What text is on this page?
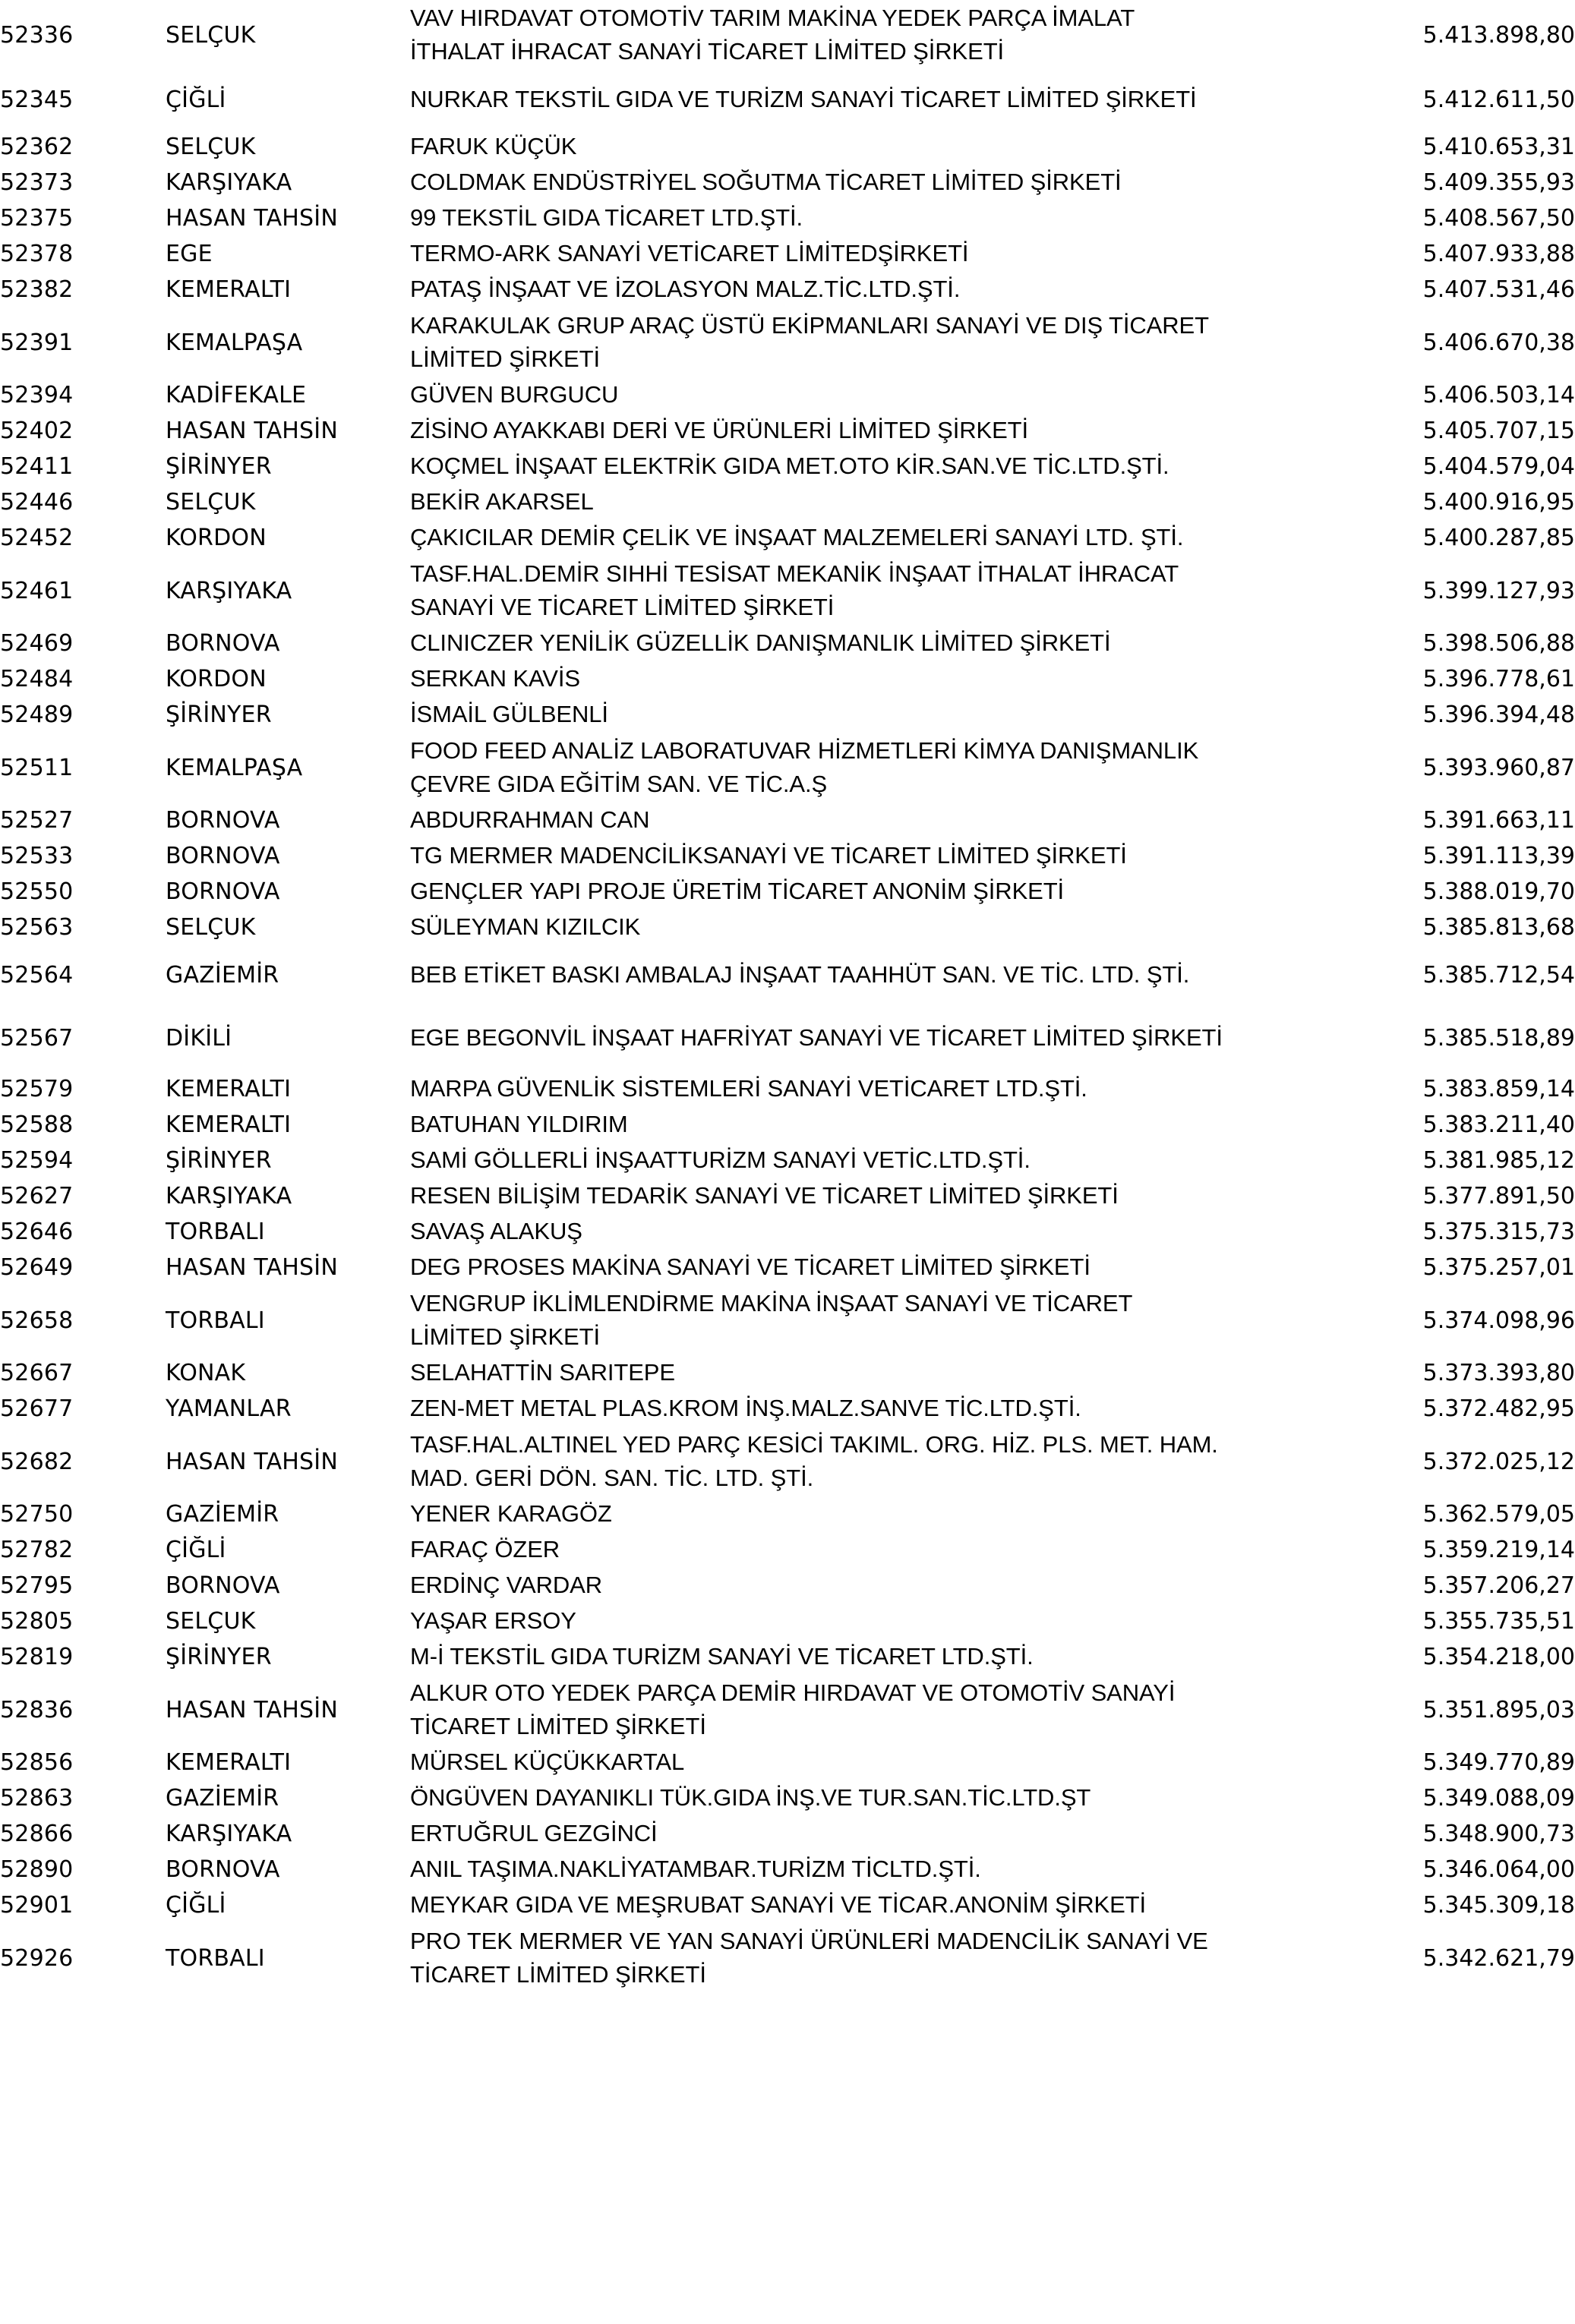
52336	SELÇUK	VAV HIRDAVAT OTOMOTİV TARIM MAKİNA YEDEK PARÇA İMALAT
İTHALAT İHRACAT SANAYİ TİCARET LİMİTED ŞİRKETİ	5.413.898,80
52345	ÇİĞLİ	NURKAR TEKSTİL GIDA VE TURİZM SANAYİ TİCARET LİMİTED ŞİRKETİ	5.412.611,50
52362	SELÇUK	FARUK KÜÇÜK	5.410.653,31
52373	KARŞIYAKA	COLDMAK ENDÜSTRİYEL SOĞUTMA TİCARET LİMİTED ŞİRKETİ	5.409.355,93
52375	HASAN TAHSİN	99 TEKSTİL GIDA TİCARET LTD.ŞTİ.	5.408.567,50
52378	EGE	TERMO-ARK SANAYİ VETİCARET LİMİTEDŞİRKETİ	5.407.933,88
52382	KEMERALTI	PATAŞ İNŞAAT VE İZOLASYON MALZ.TİC.LTD.ŞTİ.	5.407.531,46
52391	KEMALPAŞA	KARAKULAK GRUP ARAÇ ÜSTÜ EKİPMANLARI SANAYİ VE DIŞ TİCARET
LİMİTED ŞİRKETİ	5.406.670,38
52394	KADİFEKALE	GÜVEN BURGUCU	5.406.503,14
52402	HASAN TAHSİN	ZİSİNO AYAKKABI DERİ VE ÜRÜNLERİ LİMİTED ŞİRKETİ	5.405.707,15
52411	ŞİRİNYER	KOÇMEL İNŞAAT ELEKTRİK GIDA MET.OTO KİR.SAN.VE TİC.LTD.ŞTİ.	5.404.579,04
52446	SELÇUK	BEKİR AKARSEL	5.400.916,95
52452	KORDON	ÇAKICILAR DEMİR ÇELİK VE İNŞAAT MALZEMELERİ SANAYİ LTD. ŞTİ.	5.400.287,85
52461	KARŞIYAKA	TASF.HAL.DEMİR SIHHİ TESİSAT MEKANİK İNŞAAT İTHALAT İHRACAT
SANAYİ VE TİCARET LİMİTED ŞİRKETİ	5.399.127,93
52469	BORNOVA	CLINICZER YENİLİK GÜZELLİK DANIŞMANLIK LİMİTED ŞİRKETİ	5.398.506,88
52484	KORDON	SERKAN KAVİS	5.396.778,61
52489	ŞİRİNYER	İSMAİL GÜLBENLİ	5.396.394,48
52511	KEMALPAŞA	FOOD FEED ANALİZ LABORATUVAR HİZMETLERİ KİMYA DANIŞMANLIK
ÇEVRE GIDA EĞİTİM SAN. VE TİC.A.Ş	5.393.960,87
52527	BORNOVA	ABDURRAHMAN CAN	5.391.663,11
52533	BORNOVA	TG MERMER MADENCİLİKSANAYİ VE TİCARET LİMİTED ŞİRKETİ	5.391.113,39
52550	BORNOVA	GENÇLER YAPI PROJE ÜRETİM TİCARET ANONİM ŞİRKETİ	5.388.019,70
52563	SELÇUK	SÜLEYMAN KIZILCIK	5.385.813,68
52564	GAZİEMİR	BEB ETİKET BASKI AMBALAJ İNŞAAT TAAHHÜT SAN. VE TİC. LTD. ŞTİ.	5.385.712,54
52567	DİKİLİ	EGE BEGONVİL İNŞAAT HAFRİYAT SANAYİ VE TİCARET LİMİTED ŞİRKETİ	5.385.518,89
52579	KEMERALTI	MARPA GÜVENLİK SİSTEMLERİ SANAYİ VETİCARET LTD.ŞTİ.	5.383.859,14
52588	KEMERALTI	BATUHAN YILDIRIM	5.383.211,40
52594	ŞİRİNYER	SAMİ GÖLLERLİ İNŞAATTURİZM SANAYİ VETİC.LTD.ŞTİ.	5.381.985,12
52627	KARŞIYAKA	RESEN BİLİŞİM TEDARİK SANAYİ VE TİCARET LİMİTED ŞİRKETİ	5.377.891,50
52646	TORBALI	SAVAŞ ALAKUŞ	5.375.315,73
52649	HASAN TAHSİN	DEG PROSES MAKİNA SANAYİ VE TİCARET LİMİTED ŞİRKETİ	5.375.257,01
52658	TORBALI	VENGRUP İKLİMLENDİRME MAKİNA İNŞAAT SANAYİ VE TİCARET
LİMİTED ŞİRKETİ	5.374.098,96
52667	KONAK	SELAHATTİN SARITEPE	5.373.393,80
52677	YAMANLAR	ZEN-MET METAL PLAS.KROM İNŞ.MALZ.SANVE TİC.LTD.ŞTİ.	5.372.482,95
52682	HASAN TAHSİN	TASF.HAL.ALTINEL YED PARÇ KESİCİ TAKIML. ORG. HİZ. PLS. MET. HAM.
MAD. GERİ DÖN. SAN. TİC. LTD. ŞTİ.	5.372.025,12
52750	GAZİEMİR	YENER KARAGÖZ	5.362.579,05
52782	ÇİĞLİ	FARAÇ ÖZER	5.359.219,14
52795	BORNOVA	ERDİNÇ VARDAR	5.357.206,27
52805	SELÇUK	YAŞAR ERSOY	5.355.735,51
52819	ŞİRİNYER	M-İ TEKSTİL GIDA TURİZM SANAYİ VE TİCARET LTD.ŞTİ.	5.354.218,00
52836	HASAN TAHSİN	ALKUR OTO YEDEK PARÇA DEMİR HIRDAVAT VE OTOMOTİV SANAYİ
TİCARET LİMİTED ŞİRKETİ	5.351.895,03
52856	KEMERALTI	MÜRSEL KÜÇÜKKARTAL	5.349.770,89
52863	GAZİEMİR	ÖNGÜVEN DAYANIKLI TÜK.GIDA İNŞ.VE TUR.SAN.TİC.LTD.ŞT	5.349.088,09
52866	KARŞIYAKA	ERTUĞRUL GEZGİNCİ	5.348.900,73
52890	BORNOVA	ANIL TAŞIMA.NAKLİYATAMBAR.TURİZM TİCLTD.ŞTİ.	5.346.064,00
52901	ÇİĞLİ	MEYKAR GIDA VE MEŞRUBAT SANAYİ VE TİCAR.ANONİM ŞİRKETİ	5.345.309,18
52926	TORBALI	PRO TEK MERMER VE YAN SANAYİ ÜRÜNLERİ MADENCİLİK SANAYİ VE
TİCARET LİMİTED ŞİRKETİ	5.342.621,79
